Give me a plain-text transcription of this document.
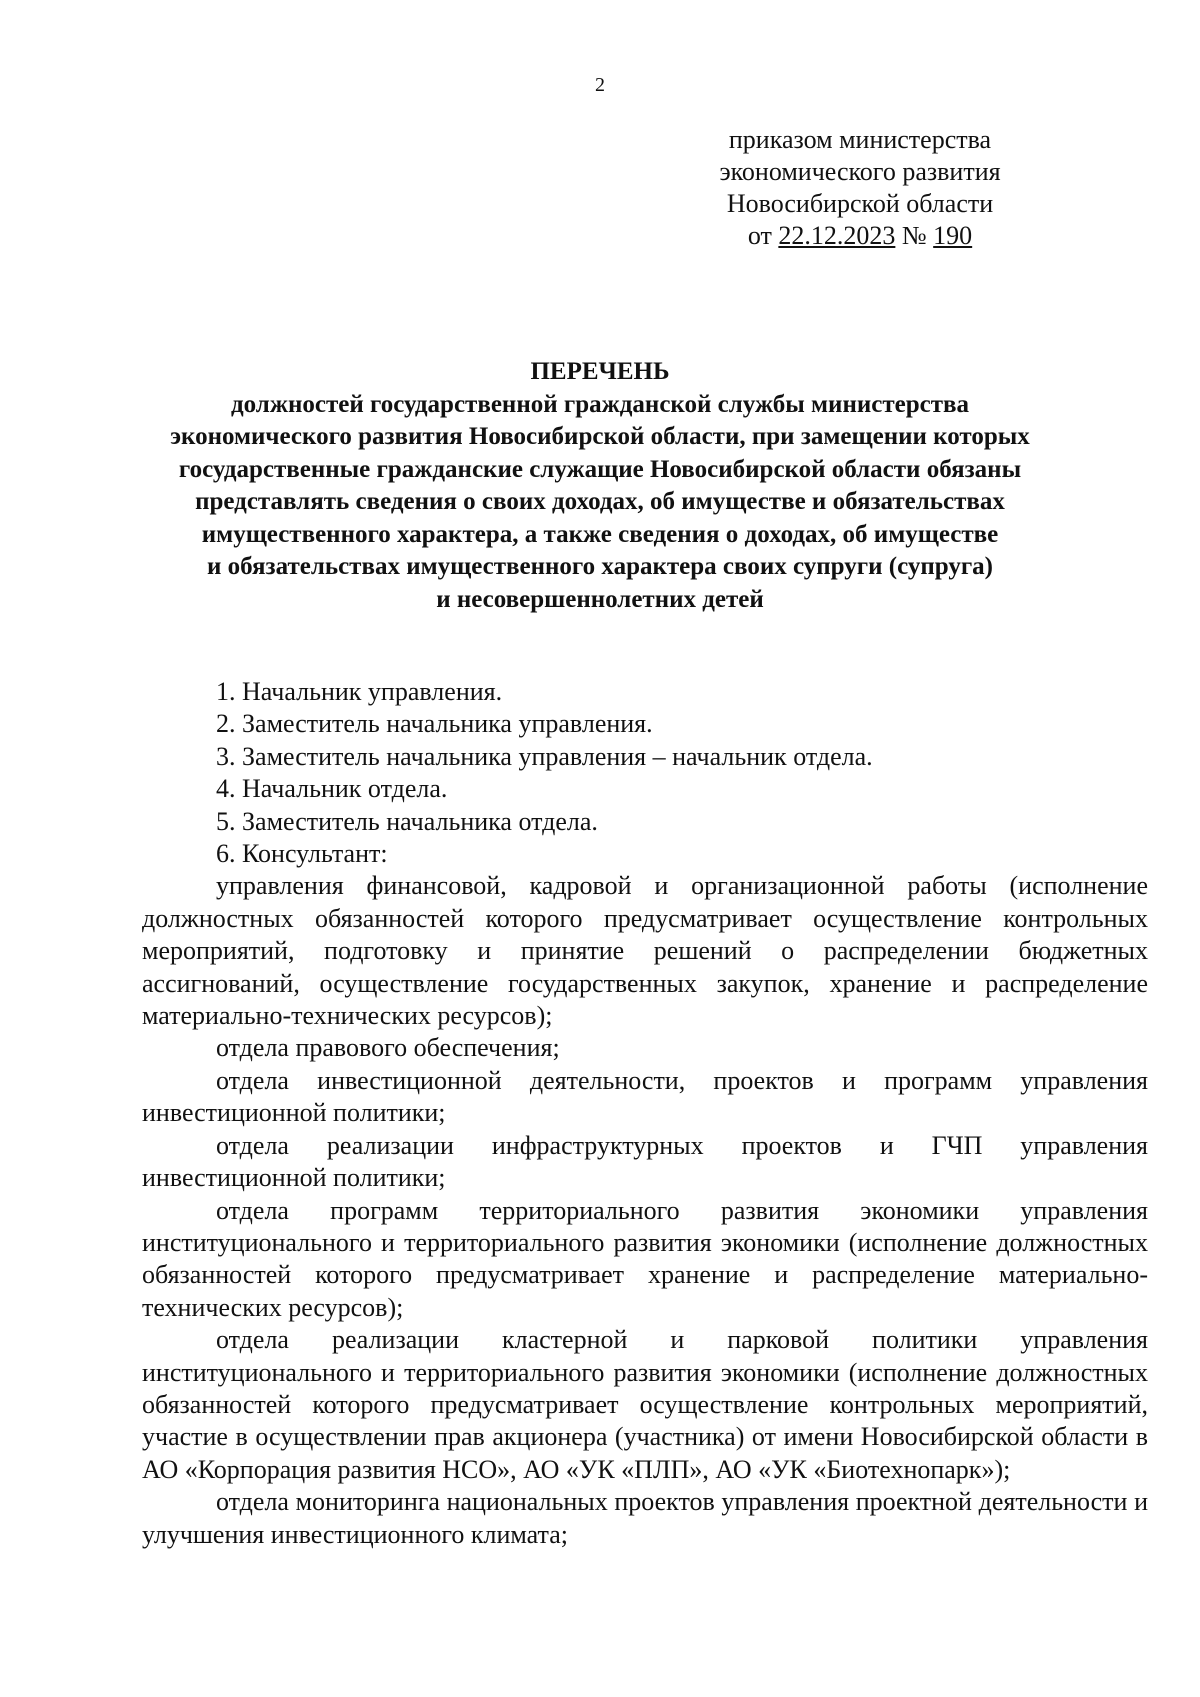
2
приказом министерства
экономического развития
Новосибирской области
от 22.12.2023 № 190
ПЕРЕЧЕНЬ
должностей государственной гражданской службы министерства
экономического развития Новосибирской области, при замещении которых
государственные гражданские служащие Новосибирской области обязаны
представлять сведения о своих доходах, об имуществе и обязательствах
имущественного характера, а также сведения о доходах, об имуществе
и обязательствах имущественного характера своих супруги (супруга)
и несовершеннолетних детей

1. Начальник управления.

2. Заместитель начальника управления.

3. Заместитель начальника управления – начальник отдела.

4. Начальник отдела.

5. Заместитель начальника отдела.

6. Консультант:

управления финансовой, кадровой и организационной работы (исполнение должностных обязанностей которого предусматривает осуществление контрольных мероприятий, подготовку и принятие решений о распределении бюджетных ассигнований, осуществление государственных закупок, хранение и распределение материально-технических ресурсов);

отдела правового обеспечения;

отдела инвестиционной деятельности, проектов и программ управления инвестиционной политики;

отдела реализации инфраструктурных проектов и ГЧП управления инвестиционной политики;

отдела программ территориального развития экономики управления институционального и территориального развития экономики (исполнение должностных обязанностей которого предусматривает хранение и распределение материально-технических ресурсов);

отдела реализации кластерной и парковой политики управления институционального и территориального развития экономики (исполнение должностных обязанностей которого предусматривает осуществление контрольных мероприятий, участие в осуществлении прав акционера (участника) от имени Новосибирской области в АО «Корпорация развития НСО», АО «УК «ПЛП», АО «УК «Биотехнопарк»);

отдела мониторинга национальных проектов управления проектной деятельности и улучшения инвестиционного климата;
